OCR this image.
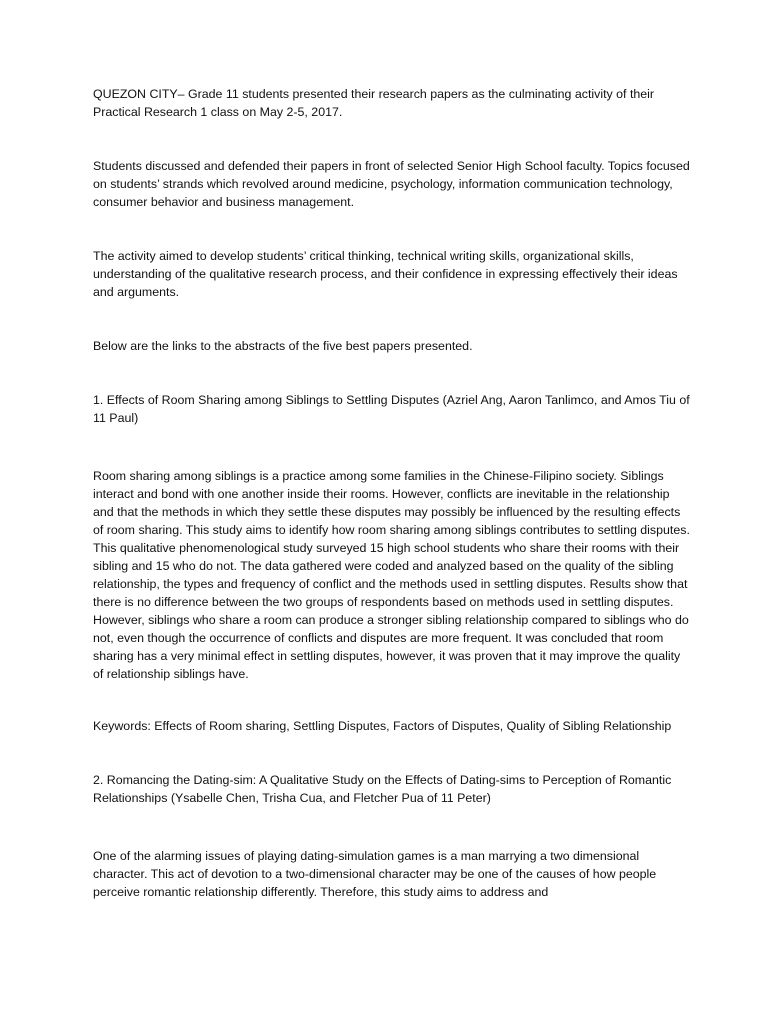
QUEZON CITY– Grade 11 students presented their research papers as the culminating activity of their Practical Research 1 class on May 2-5, 2017.

Students discussed and defended their papers in front of selected Senior High School faculty. Topics focused on students’ strands which revolved around medicine, psychology, information communication technology, consumer behavior and business management.

The activity aimed to develop students’ critical thinking, technical writing skills, organizational skills, understanding of the qualitative research process, and their confidence in expressing effectively their ideas and arguments.

Below are the links to the abstracts of the five best papers presented.

1. Effects of Room Sharing among Siblings to Settling Disputes (Azriel Ang, Aaron Tanlimco, and Amos Tiu of 11 Paul)

Room sharing among siblings is a practice among some families in the Chinese-Filipino society. Siblings interact and bond with one another inside their rooms. However, conflicts are inevitable in the relationship and that the methods in which they settle these disputes may possibly be influenced by the resulting effects of room sharing. This study aims to identify how room sharing among siblings contributes to settling disputes. This qualitative phenomenological study surveyed 15 high school students who share their rooms with their sibling and 15 who do not. The data gathered were coded and analyzed based on the quality of the sibling relationship, the types and frequency of conflict and the methods used in settling disputes. Results show that there is no difference between the two groups of respondents based on methods used in settling disputes. However, siblings who share a room can produce a stronger sibling relationship compared to siblings who do not, even though the occurrence of conflicts and disputes are more frequent. It was concluded that room sharing has a very minimal effect in settling disputes, however, it was proven that it may improve the quality of relationship siblings have.

Keywords: Effects of Room sharing, Settling Disputes, Factors of Disputes, Quality of Sibling Relationship

2. Romancing the Dating-sim: A Qualitative Study on the Effects of Dating-sims to Perception of Romantic Relationships (Ysabelle Chen, Trisha Cua, and Fletcher Pua of 11 Peter)

One of the alarming issues of playing dating-simulation games is a man marrying a two dimensional character. This act of devotion to a two-dimensional character may be one of the causes of how people perceive romantic relationship differently. Therefore, this study aims to address and
